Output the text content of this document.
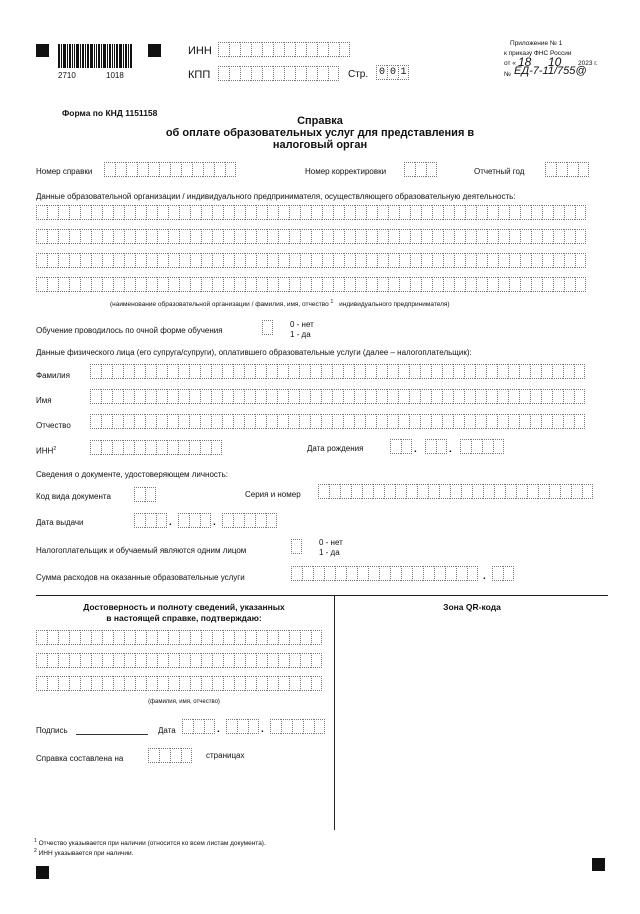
2710	1018
ИНН
КПП	Стр. 0 0 1
Приложение № 1
к приказу ФНС России
от « 18 10	2023 г.
№ ЕД-7-11/755@
Форма по КНД 1151158
Справка
об оплате образовательных услуг для представления в
налоговый орган
Номер справки	Номер корректировки	Отчетный год
Данные образовательной организации / индивидуального предпринимателя, осуществляющего образовательную деятельность:
(наименование образовательной организации / фамилия, имя, отчество $^1$ индивидуального предпринимателя)
Обучение проводилось по очной форме обучения
0 - нет
1 - да
Данные физического лица (его супруга/супруги), оплатившего образовательные услуги (далее – налогоплательщик):
Фамилия
Имя
Отчество
ИНН$^2$	Дата рождения	.	.
Сведения о документе, удостоверяющем личность:
Код вида документа	Серия и номер
Дата выдачи	.	.
Налогоплательщик и обучаемый являются одним лицом
0 - нет
1 - да
Сумма расходов на оказанные образовательные услуги	.
Достоверность и полноту сведений, указанных
в настоящей справке, подтверждаю:
(фамилия, имя, отчество)
Подпись	Дата	.	.
Справка составлена на	страницах
Зона QR-кода
$^1$ Отчество указывается при наличии (относится ко всем листам документа).
$^2$ ИНН указывается при наличии.
